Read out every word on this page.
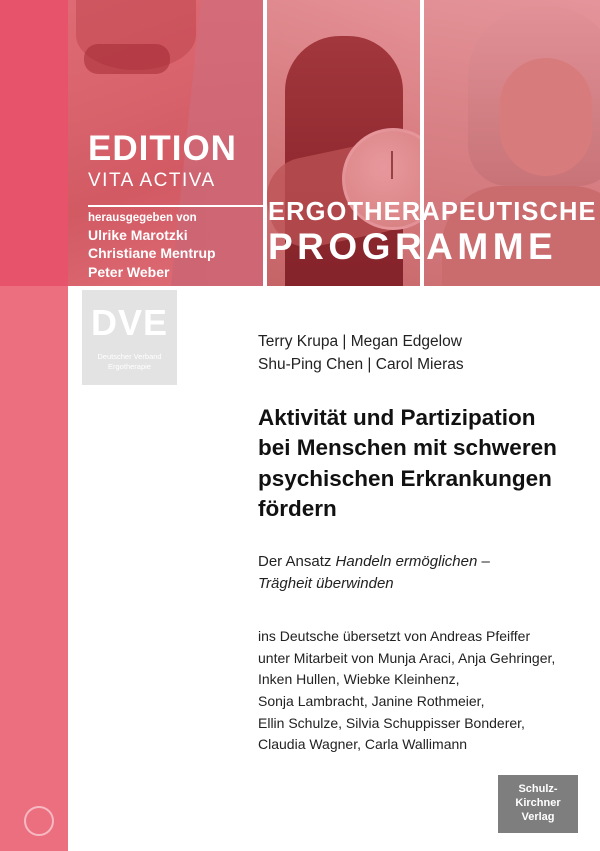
EDITION
VITA ACTIVA
herausgegeben von
Ulrike Marotzki
Christiane Mentrup
Peter Weber
ERGOTHERAPEUTISCHE
PROGRAMME
DVE
Deutscher Verband
Ergotherapie
Terry Krupa | Megan Edgelow
Shu-Ping Chen | Carol Mieras
Aktivität und Partizipation
bei Menschen mit schweren
psychischen Erkrankungen
fördern
Der Ansatz Handeln ermöglichen –
Trägheit überwinden
ins Deutsche übersetzt von Andreas Pfeiffer
unter Mitarbeit von Munja Araci, Anja Gehringer,
Inken Hullen, Wiebke Kleinhenz,
Sonja Lambracht, Janine Rothmeier,
Ellin Schulze, Silvia Schuppisser Bonderer,
Claudia Wagner, Carla Wallimann
Schulz-
Kirchner
Verlag
